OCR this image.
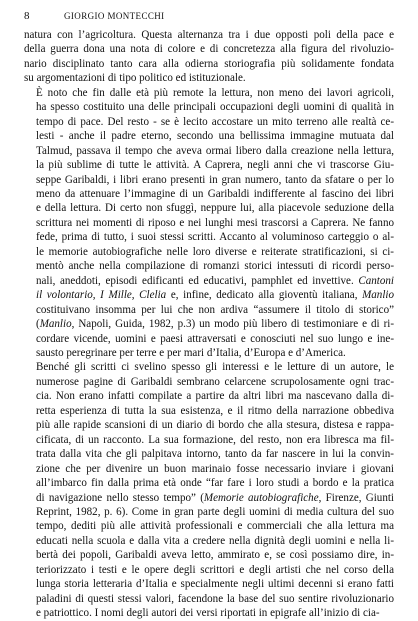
8	GIORGIO MONTECCHI
natura con l’agricoltura. Questa alternanza tra i due opposti poli della pace e
della guerra dona una nota di colore e di concretezza alla figura del rivoluzio-
nario disciplinato tanto cara alla odierna storiografia più solidamente fondata
su argomentazioni di tipo politico ed istituzionale.
È noto che fin dalle età più remote la lettura, non meno dei lavori agricoli,
ha spesso costituito una delle principali occupazioni degli uomini di qualità in
tempo di pace. Del resto - se è lecito accostare un mito terreno alle realtà ce-
lesti - anche il padre eterno, secondo una bellissima immagine mutuata dal
Talmud, passava il tempo che aveva ormai libero dalla creazione nella lettura,
la più sublime di tutte le attività. A Caprera, negli anni che vi trascorse Giu-
seppe Garibaldi, i libri erano presenti in gran numero, tanto da sfatare o per lo
meno da attenuare l’immagine di un Garibaldi indifferente al fascino dei libri
e della lettura. Di certo non sfuggì, neppure lui, alla piacevole seduzione della
scrittura nei momenti di riposo e nei lunghi mesi trascorsi a Caprera. Ne fanno
fede, prima di tutto, i suoi stessi scritti. Accanto al voluminoso carteggio o al-
le memorie autobiografiche nelle loro diverse e reiterate stratificazioni, si ci-
mentò anche nella compilazione di romanzi storici intessuti di ricordi perso-
nali, aneddoti, episodi edificanti ed educativi, pamphlet ed invettive. Cantoni
il volontario, I Mille, Clelia e, infine, dedicato alla gioventù italiana, Manlio
costituivano insomma per lui che non ardiva “assumere il titolo di storico”
(Manlio, Napoli, Guida, 1982, p.3) un modo più libero di testimoniare e di ri-
cordare vicende, uomini e paesi attraversati e conosciuti nel suo lungo e ine-
sausto peregrinare per terre e per mari d’Italia, d’Europa e d’America.
Benché gli scritti ci svelino spesso gli interessi e le letture di un autore, le
numerose pagine di Garibaldi sembrano celarcene scrupolosamente ogni trac-
cia. Non erano infatti compilate a partire da altri libri ma nascevano dalla di-
retta esperienza di tutta la sua esistenza, e il ritmo della narrazione obbediva
più alle rapide scansioni di un diario di bordo che alla stesura, distesa e rappa-
cificata, di un racconto. La sua formazione, del resto, non era libresca ma fil-
trata dalla vita che gli palpitava intorno, tanto da far nascere in lui la convin-
zione che per divenire un buon marinaio fosse necessario inviare i giovani
all’imbarco fin dalla prima età onde “far fare i loro studi a bordo e la pratica
di navigazione nello stesso tempo” (Memorie autobiografiche, Firenze, Giunti
Reprint, 1982, p. 6). Come in gran parte degli uomini di media cultura del suo
tempo, dediti più alle attività professionali e commerciali che alla lettura ma
educati nella scuola e dalla vita a credere nella dignità degli uomini e nella li-
bertà dei popoli, Garibaldi aveva letto, ammirato e, se così possiamo dire, in-
teriorizzato i testi e le opere degli scrittori e degli artisti che nel corso della
lunga storia letteraria d’Italia e specialmente negli ultimi decenni si erano fatti
paladini di questi stessi valori, facendone la base del suo sentire rivoluzionario
e patriottico. I nomi degli autori dei versi riportati in epigrafe all’inizio di cia-
